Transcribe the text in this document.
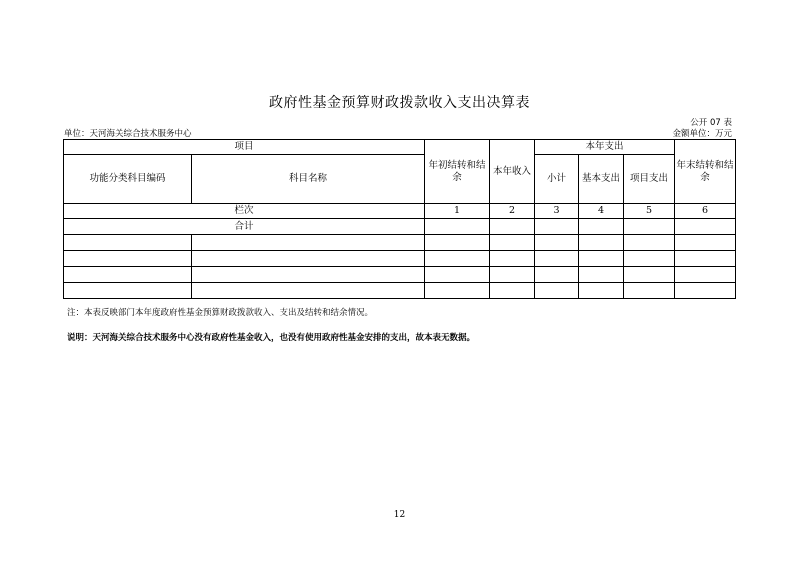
政府性基金预算财政拨款收入支出决算表
公开 07 表
单位：天河海关综合技术服务中心	金额单位：万元
项目		年初结转和结余	本年收入	本年支出			年末结转和结余
功能分类科目编码	科目名称			小计	基本支出	项目支出	
栏次		1	2	3	4	5	6
合计							

注：本表反映部门本年度政府性基金预算财政拨款收入、支出及结转和结余情况。
说明：天河海关综合技术服务中心没有政府性基金收入，也没有使用政府性基金安排的支出，故本表无数据。
12
